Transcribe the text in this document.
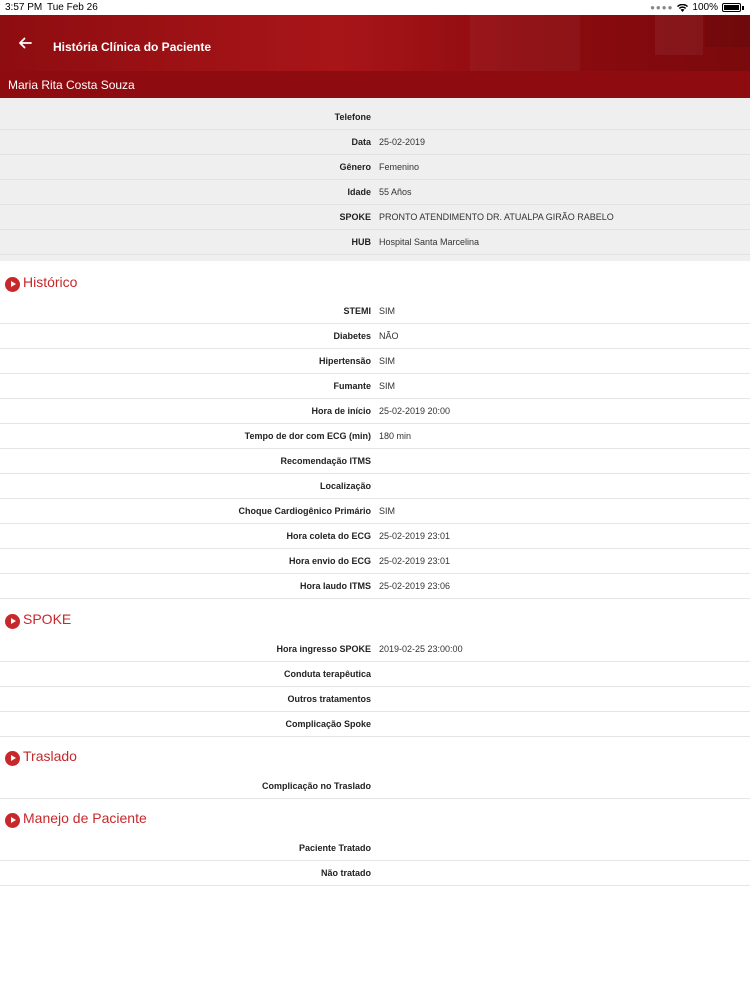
3:57 PM Tue Feb 26	●●●● 100%
História Clínica do Paciente
Maria Rita Costa Souza
Telefone
Data 25-02-2019
Gênero Femenino
Idade 55 Años
SPOKE PRONTO ATENDIMENTO DR. ATUALPA GIRÃO RABELO
HUB Hospital Santa Marcelina
Histórico
STEMI SIM
Diabetes NÃO
Hipertensão SIM
Fumante SIM
Hora de início 25-02-2019 20:00
Tempo de dor com ECG (min) 180 min
Recomendação ITMS
Localização
Choque Cardiogênico Primário SIM
Hora coleta do ECG 25-02-2019 23:01
Hora envio do ECG 25-02-2019 23:01
Hora laudo ITMS 25-02-2019 23:06
SPOKE
Hora ingresso SPOKE 2019-02-25 23:00:00
Conduta terapêutica
Outros tratamentos
Complicação Spoke
Traslado
Complicação no Traslado
Manejo de Paciente
Paciente Tratado
Não tratado
